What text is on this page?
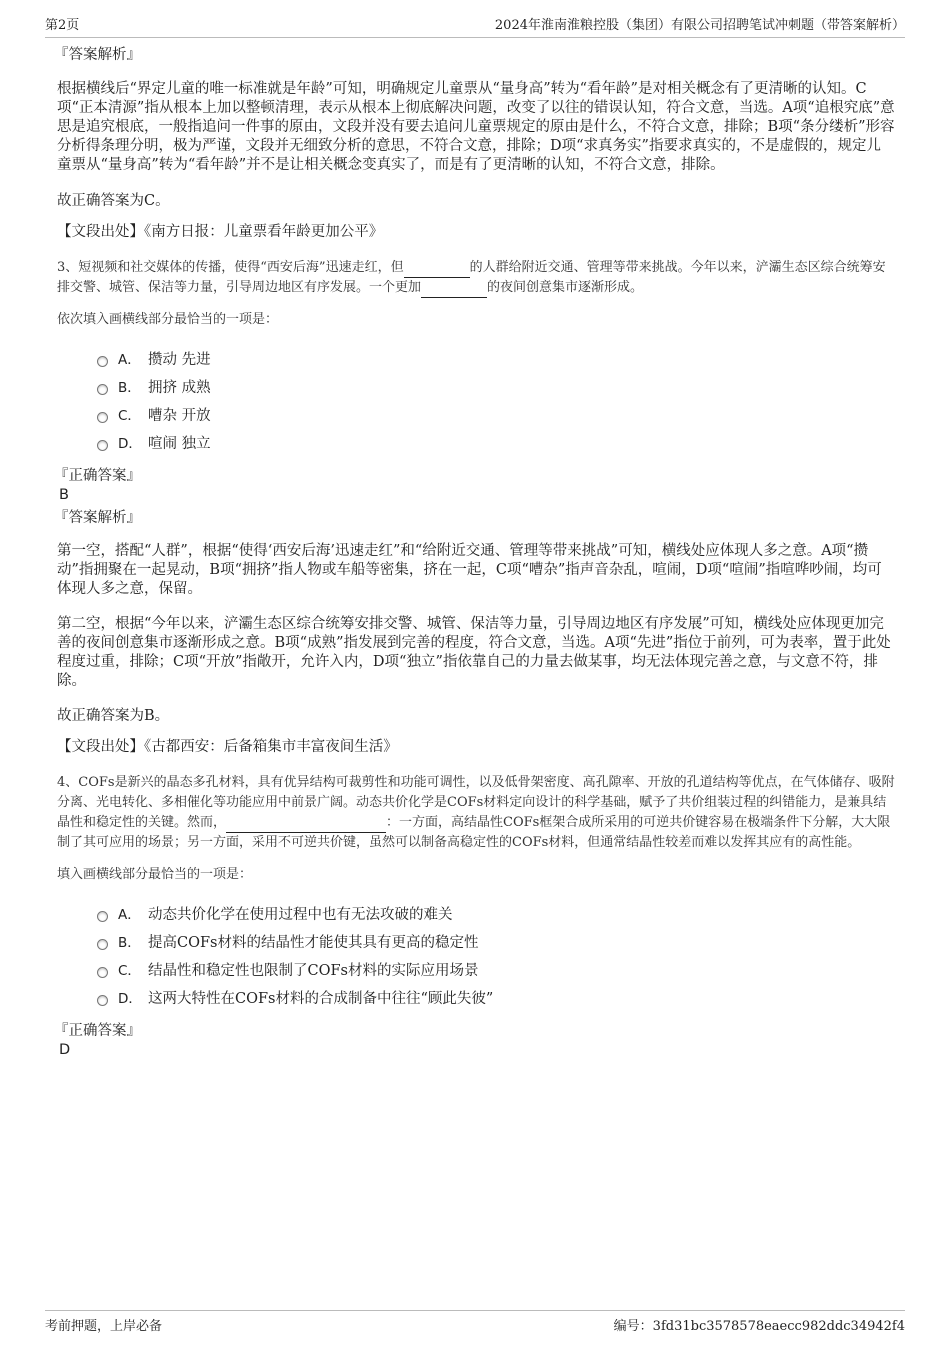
第2页	2024年淮南淮粮控股（集团）有限公司招聘笔试冲刺题（带答案解析）

『答案解析』

根据横线后“界定儿童的唯一标准就是年龄”可知，明确规定儿童票从“量身高”转为“看年龄”是对相关概念有了更清晰的认知。C项“正本清源”指从根本上加以整顿清理，表示从根本上彻底解决问题，改变了以往的错误认知，符合文意，当选。A项“追根究底”意思是追究根底，一般指追问一件事的原由，文段并没有要去追问儿童票规定的原由是什么，不符合文意，排除；B项“条分缕析”形容分析得条理分明，极为严谨，文段并无细致分析的意思，不符合文意，排除；D项“求真务实”指要求真实的，不是虚假的，规定儿童票从“量身高”转为“看年龄”并不是让相关概念变真实了，而是有了更清晰的认知，不符合文意，排除。

故正确答案为C。

【文段出处】《南方日报：儿童票看年龄更加公平》

3、短视频和社交媒体的传播，使得“西安后海”迅速走红，但	的人群给附近交通、管理等带来挑战。今年以来，浐灞生态区综合统筹安排交警、城管、保洁等力量，引导周边地区有序发展。一个更加	的夜间创意集市逐渐形成。

依次填入画横线部分最恰当的一项是：

A． 攒动 先进
B． 拥挤 成熟
C． 嘈杂 开放
D． 喧闹 独立

『正确答案』

B

『答案解析』

第一空，搭配“人群”，根据“使得‘西安后海’迅速走红”和“给附近交通、管理等带来挑战”可知，横线处应体现人多之意。A项“攒动”指拥聚在一起晃动，B项“拥挤”指人物或车船等密集，挤在一起，C项“嘈杂”指声音杂乱，喧闹，D项“喧闹”指喧哗吵闹，均可体现人多之意，保留。

第二空，根据“今年以来，浐灞生态区综合统筹安排交警、城管、保洁等力量，引导周边地区有序发展”可知，横线处应体现更加完善的夜间创意集市逐渐形成之意。B项“成熟”指发展到完善的程度，符合文意，当选。A项“先进”指位于前列，可为表率，置于此处程度过重，排除；C项“开放”指敞开，允许入内，D项“独立”指依靠自己的力量去做某事，均无法体现完善之意，与文意不符，排除。

故正确答案为B。

【文段出处】《古都西安：后备箱集市丰富夜间生活》

4、COFs是新兴的晶态多孔材料，具有优异结构可裁剪性和功能可调性，以及低骨架密度、高孔隙率、开放的孔道结构等优点，在气体储存、吸附分离、光电转化、多相催化等功能应用中前景广阔。动态共价化学是COFs材料定向设计的科学基础，赋予了共价组装过程的纠错能力，是兼具结晶性和稳定性的关键。然而，	：一方面，高结晶性COFs框架合成所采用的可逆共价键容易在极端条件下分解，大大限制了其可应用的场景；另一方面，采用不可逆共价键，虽然可以制备高稳定性的COFs材料，但通常结晶性较差而难以发挥其应有的高性能。

填入画横线部分最恰当的一项是：

A． 动态共价化学在使用过程中也有无法攻破的难关
B． 提高COFs材料的结晶性才能使其具有更高的稳定性
C． 结晶性和稳定性也限制了COFs材料的实际应用场景
D． 这两大特性在COFs材料的合成制备中往往“顾此失彼”

『正确答案』

D

考前押题，上岸必备	编号：3fd31bc3578578eaecc982ddc34942f4
